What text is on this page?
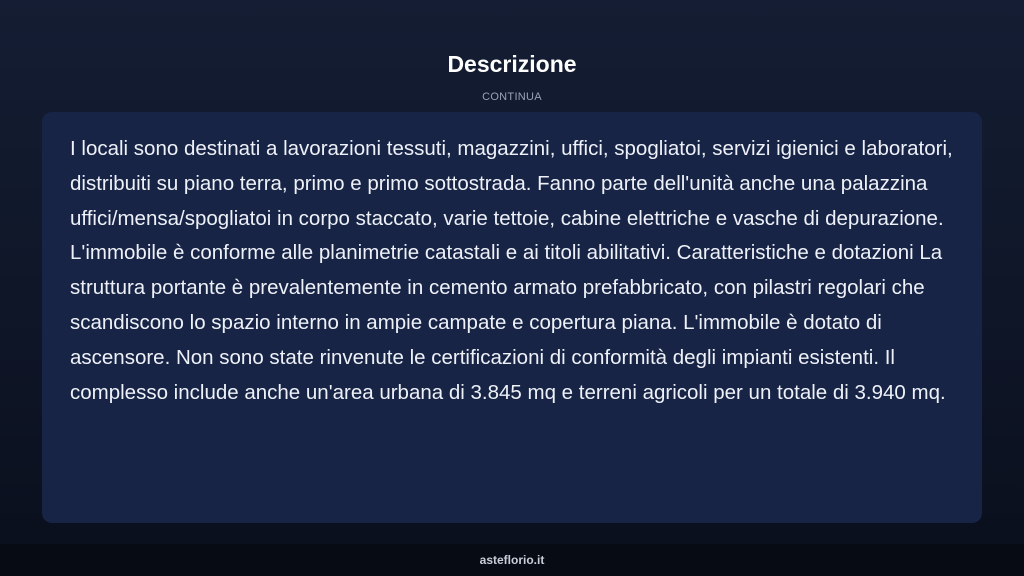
Descrizione
CONTINUA

I locali sono destinati a lavorazioni tessuti, magazzini, uffici, spogliatoi, servizi igienici e laboratori, distribuiti su piano terra, primo e primo sottostrada. Fanno parte dell'unità anche una palazzina uffici/mensa/spogliatoi in corpo staccato, varie tettoie, cabine elettriche e vasche di depurazione. L'immobile è conforme alle planimetrie catastali e ai titoli abilitativi. Caratteristiche e dotazioni La struttura portante è prevalentemente in cemento armato prefabbricato, con pilastri regolari che scandiscono lo spazio interno in ampie campate e copertura piana. L'immobile è dotato di ascensore. Non sono state rinvenute le certificazioni di conformità degli impianti esistenti. Il complesso include anche un'area urbana di 3.845 mq e terreni agricoli per un totale di 3.940 mq.

asteflorio.it
